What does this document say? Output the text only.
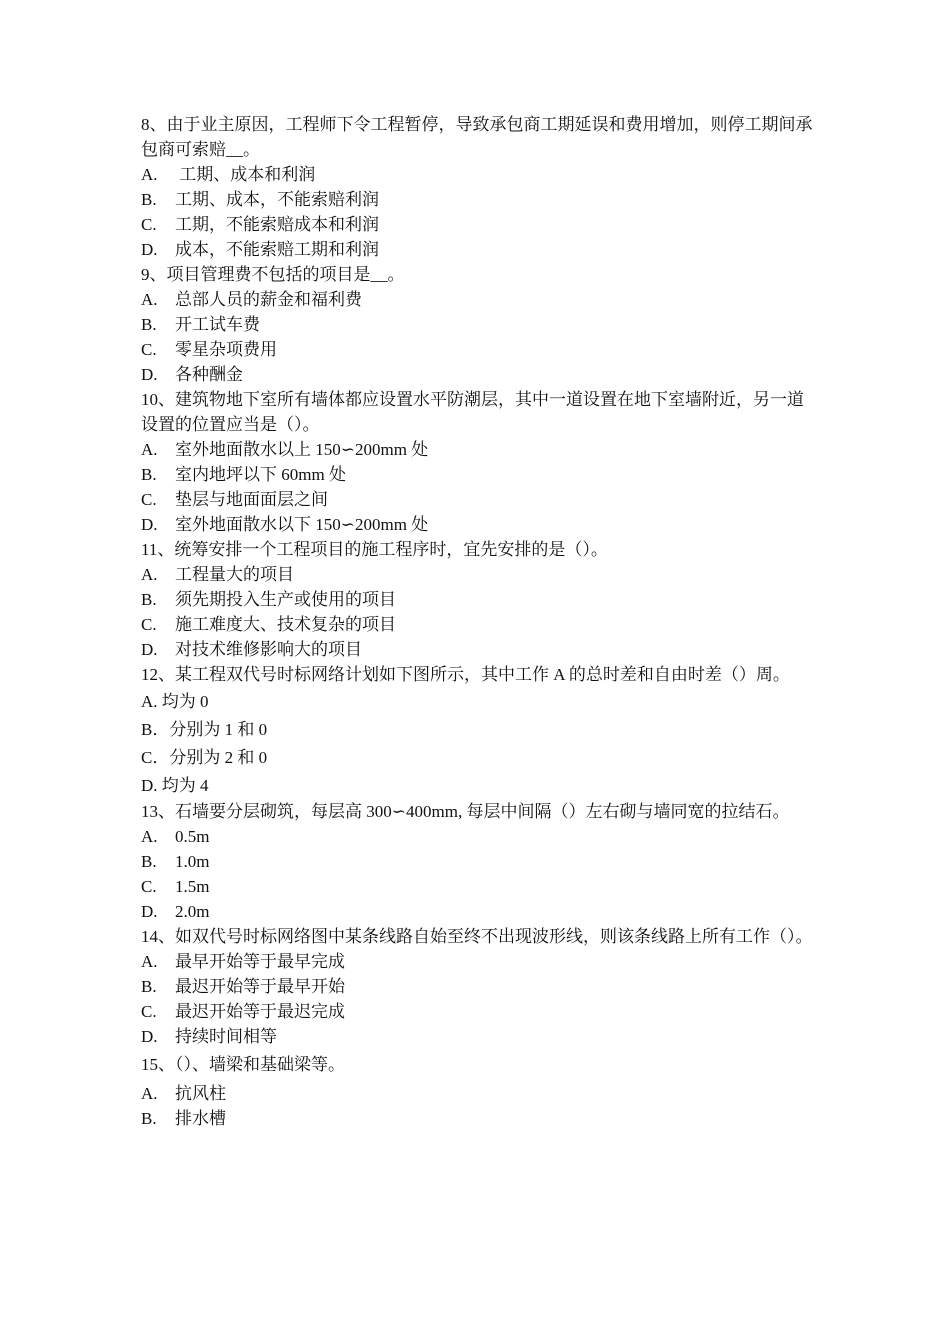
8、由于业主原因，工程师下令工程暂停，导致承包商工期延误和费用增加，则停工期间承包商可索赔__。
A.	工期、成本和利润
B.	工期、成本，不能索赔利润
C.	工期，不能索赔成本和利润
D.	成本，不能索赔工期和利润
9、项目管理费不包括的项目是__。
A.	总部人员的薪金和福利费
B.	开工试车费
C.	零星杂项费用
D.	各种酬金
10、建筑物地下室所有墙体都应设置水平防潮层，其中一道设置在地下室墙附近，另一道设置的位置应当是（）。
A.	室外地面散水以上 150∽200mm 处
B.	室内地坪以下 60mm 处
C.	垫层与地面面层之间
D.	室外地面散水以下 150∽200mm 处
11、统筹安排一个工程项目的施工程序时，宜先安排的是（）。
A.	工程量大的项目
B.	须先期投入生产或使用的项目
C.	施工难度大、技术复杂的项目
D.	对技术维修影响大的项目
12、某工程双代号时标网络计划如下图所示，其中工作 A 的总时差和自由时差（）周。
A. 均为 0
B． 分别为 1 和 0
C． 分别为 2 和 0
D. 均为 4
13、石墙要分层砌筑，每层高 300∽400mm, 每层中间隔（）左右砌与墙同宽的拉结石。
A.	0.5m
B.	1.0m
C.	1.5m
D.	2.0m
14、如双代号时标网络图中某条线路自始至终不出现波形线，则该条线路上所有工作（）。
A.	最早开始等于最早完成
B.	最迟开始等于最早开始
C.	最迟开始等于最迟完成
D.	持续时间相等
15、（）、墙梁和基础梁等。
A.	抗风柱
B.	排水槽
